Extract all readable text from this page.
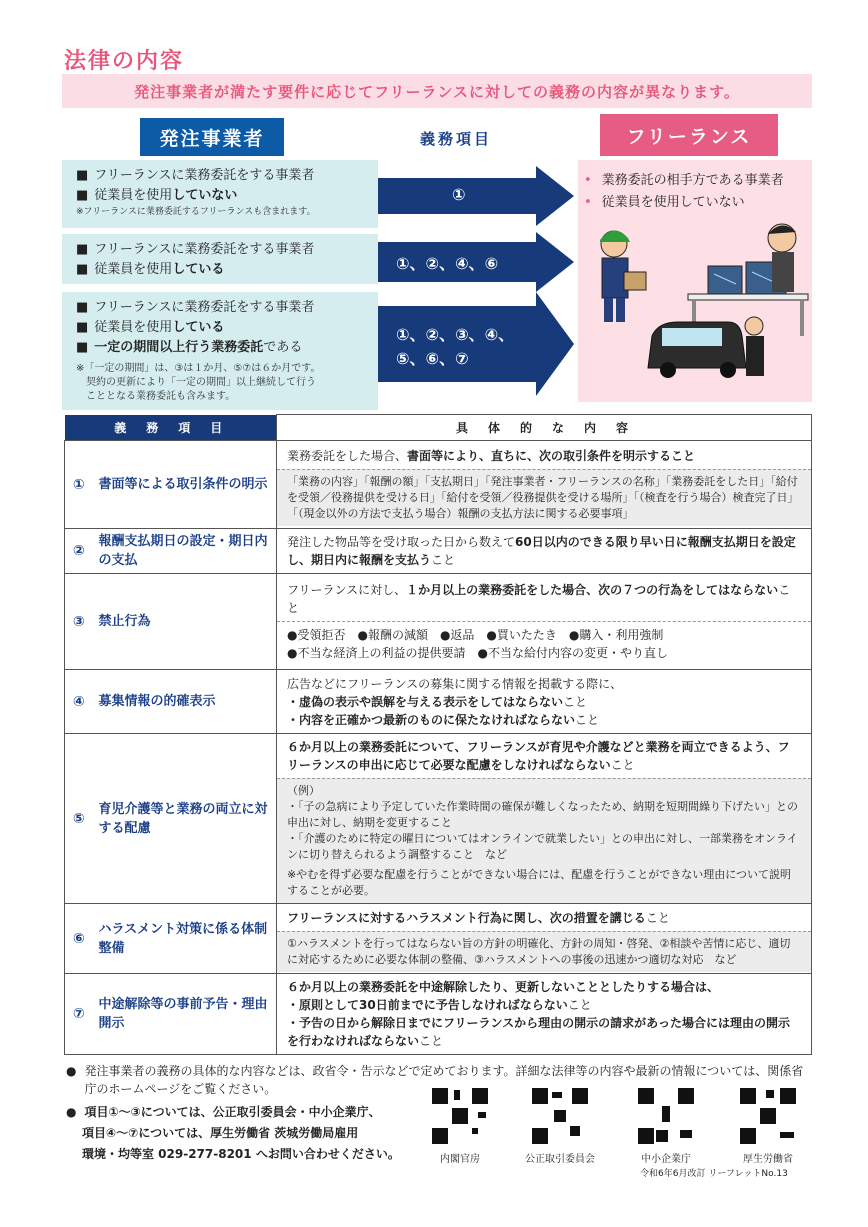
法律の内容
発注事業者が満たす要件に応じてフリーランスに対しての義務の内容が異なります。
発注事業者	義務項目	フリーランス
■ フリーランスに業務委託をする事業者
■ 従業員を使用していない
※フリーランスに業務委託するフリーランスも含まれます。
①
■ フリーランスに業務委託をする事業者
■ 従業員を使用している	①、②、④、⑥
■ フリーランスに業務委託をする事業者
■ 従業員を使用している
■ 一定の期間以上行う業務委託である
※「一定の期間」は、③は１か月、⑤⑦は６か月です。
　契約の更新により「一定の期間」以上継続して行う
　こととなる業務委託も含みます。
①、②、③、④、
⑤、⑥、⑦
• 業務委託の相手方である事業者
• 従業員を使用していない
義　務　項　目		具　体　的　な　内　容
①	書面等による取引条件の明示	業務委託をした場合、書面等により、直ちに、次の取引条件を明示すること
「業務の内容」「報酬の額」「支払期日」「発注事業者・フリーランスの名称」「業務委託をした日」「給付を受領／役務提供を受ける日」「給付を受領／役務提供を受ける場所」「（検査を行う場合）検査完了日」「（現金以外の方法で支払う場合）報酬の支払方法に関する必要事項」

②	報酬支払期日の設定・期日内の支払	発注した物品等を受け取った日から数えて60日以内のできる限り早い日に報酬支払期日を設定し、期日内に報酬を支払うこと

③	禁止行為	フリーランスに対し、１か月以上の業務委託をした場合、次の７つの行為をしてはならないこと
●受領拒否　●報酬の減額　●返品　●買いたたき　●購入・利用強制
●不当な経済上の利益の提供要請　●不当な給付内容の変更・やり直し

④	募集情報の的確表示	広告などにフリーランスの募集に関する情報を掲載する際に、
・虚偽の表示や誤解を与える表示をしてはならないこと
・内容を正確かつ最新のものに保たなければならないこと

⑤	育児介護等と業務の両立に対する配慮	６か月以上の業務委託について、フリーランスが育児や介護などと業務を両立できるよう、フリーランスの申出に応じて必要な配慮をしなければならないこと
（例）
・「子の急病により予定していた作業時間の確保が難しくなったため、納期を短期間繰り下げたい」との申出に対し、納期を変更すること
・「介護のために特定の曜日についてはオンラインで就業したい」との申出に対し、一部業務をオンラインに切り替えられるよう調整すること　など
※やむを得ず必要な配慮を行うことができない場合には、配慮を行うことができない理由について説明することが必要。

⑥	ハラスメント対策に係る体制整備	フリーランスに対するハラスメント行為に関し、次の措置を講じること
①ハラスメントを行ってはならない旨の方針の明確化、方針の周知・啓発、②相談や苦情に応じ、適切に対応するために必要な体制の整備、③ハラスメントへの事後の迅速かつ適切な対応　など

⑦	中途解除等の事前予告・理由開示	６か月以上の業務委託を中途解除したり、更新しないこととしたりする場合は、
・原則として30日前までに予告しなければならないこと
・予告の日から解除日までにフリーランスから理由の開示の請求があった場合には理由の開示を行わなければならないこと
● 発注事業者の義務の具体的な内容などは、政省令・告示などで定めております。詳細な法律等の内容や最新の情報については、関係省庁のホームページをご覧ください。
● 項目①～③については、公正取引委員会・中小企業庁、
項目④～⑦については、厚生労働省 茨城労働局雇用
環境・均等室 029-277-8201 へお問い合わせください。	内閣官房	公正取引委員会	中小企業庁	厚生労働省
令和6年6月改訂 リーフレットNo.13
